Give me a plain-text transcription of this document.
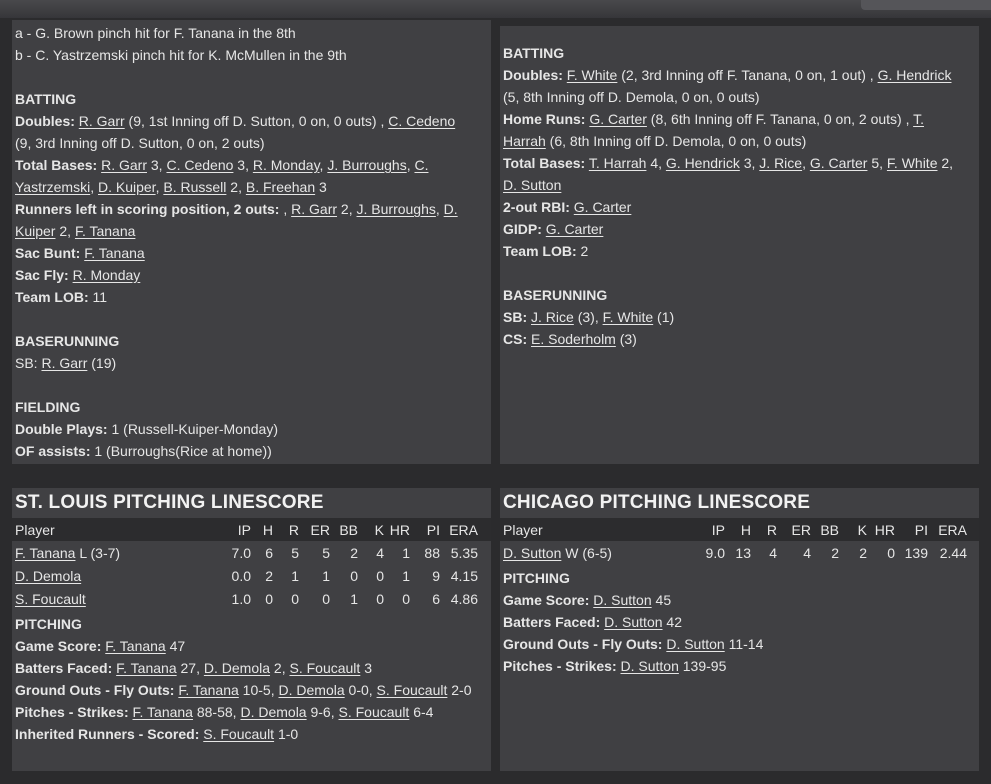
a - G. Brown pinch hit for F. Tanana in the 8th
b - C. Yastrzemski pinch hit for K. McMullen in the 9th
BATTING
Doubles: R. Garr (9, 1st Inning off D. Sutton, 0 on, 0 outs) , C. Cedeno
(9, 3rd Inning off D. Sutton, 0 on, 2 outs)
Total Bases: R. Garr 3, C. Cedeno 3, R. Monday, J. Burroughs, C.
Yastrzemski, D. Kuiper, B. Russell 2, B. Freehan 3
Runners left in scoring position, 2 outs: , R. Garr 2, J. Burroughs, D.
Kuiper 2, F. Tanana
Sac Bunt: F. Tanana
Sac Fly: R. Monday
Team LOB: 11
BASERUNNING
SB: R. Garr (19)
FIELDING
Double Plays: 1 (Russell-Kuiper-Monday)
OF assists: 1 (Burroughs(Rice at home))
BATTING
Doubles: F. White (2, 3rd Inning off F. Tanana, 0 on, 1 out) , G. Hendrick
(5, 8th Inning off D. Demola, 0 on, 0 outs)
Home Runs: G. Carter (8, 6th Inning off F. Tanana, 0 on, 2 outs) , T.
Harrah (6, 8th Inning off D. Demola, 0 on, 0 outs)
Total Bases: T. Harrah 4, G. Hendrick 3, J. Rice, G. Carter 5, F. White 2,
D. Sutton
2-out RBI: G. Carter
GIDP: G. Carter
Team LOB: 2
BASERUNNING
SB: J. Rice (3), F. White (1)
CS: E. Soderholm (3)
ST. LOUIS PITCHING LINESCORE
Player	IP	H	R	ER	BB	K	HR	PI	ERA	
F. Tanana L (3-7)	7.0	6	5	5	2	4	1	88	5.35	
D. Demola	0.0	2	1	1	0	0	1	9	4.15	
S. Foucault	1.0	0	0	0	1	0	0	6	4.86	
PITCHING
Game Score: F. Tanana 47
Batters Faced: F. Tanana 27, D. Demola 2, S. Foucault 3
Ground Outs - Fly Outs: F. Tanana 10-5, D. Demola 0-0, S. Foucault 2-0
Pitches - Strikes: F. Tanana 88-58, D. Demola 9-6, S. Foucault 6-4
Inherited Runners - Scored: S. Foucault 1-0
CHICAGO PITCHING LINESCORE
Player	IP	H	R	ER	BB	K	HR	PI	ERA	
D. Sutton W (6-5)	9.0	13	4	4	2	2	0	139	2.44	
PITCHING
Game Score: D. Sutton 45
Batters Faced: D. Sutton 42
Ground Outs - Fly Outs: D. Sutton 11-14
Pitches - Strikes: D. Sutton 139-95
